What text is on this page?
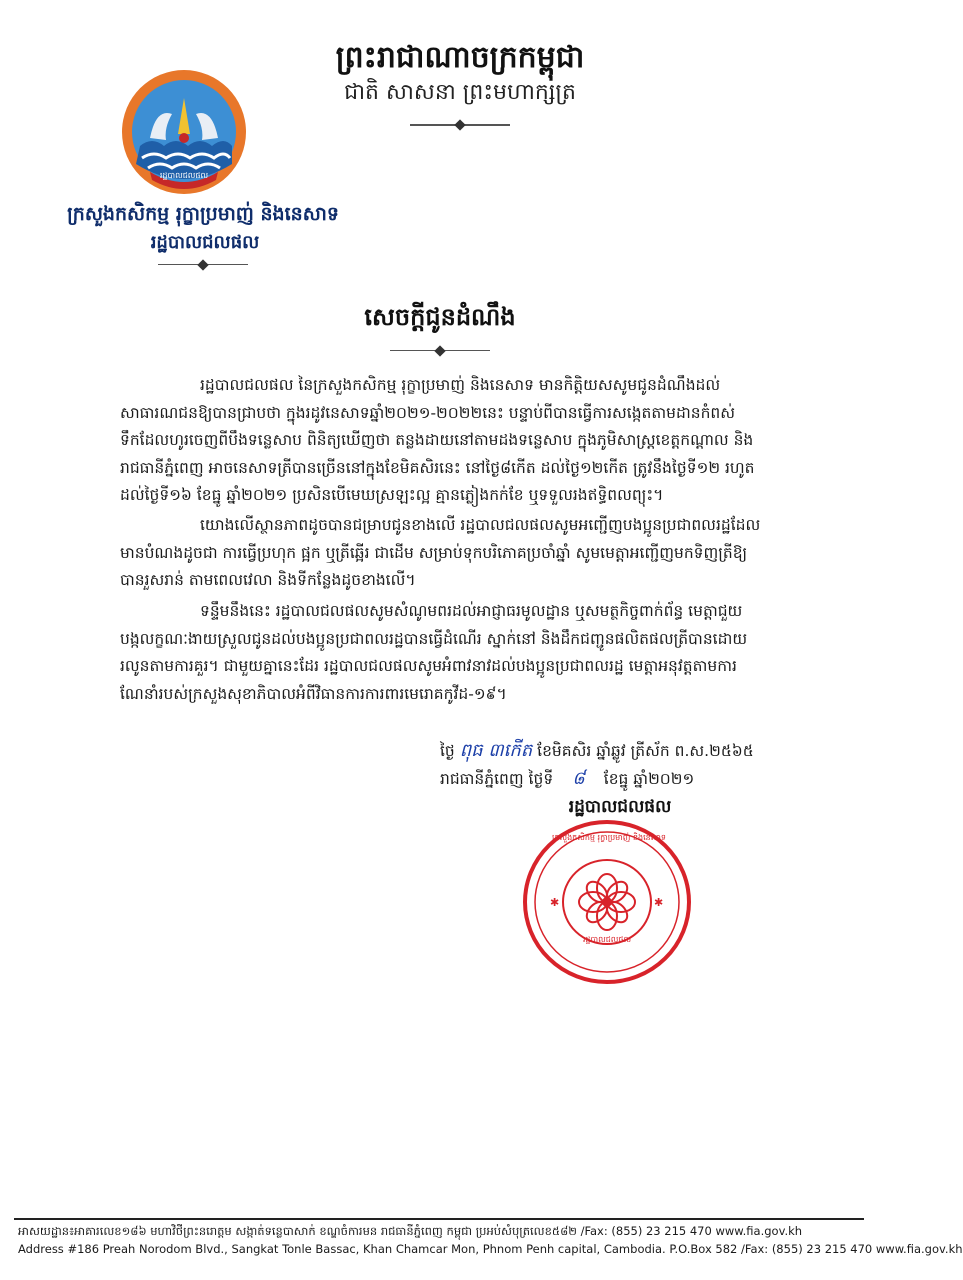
រដ្ឋបាលជលផល
ព្រះរាជាណាចក្រកម្ពុជា
ជាតិ សាសនា ព្រះមហាក្សត្រ
ក្រសួងកសិកម្ម រុក្ខាប្រមាញ់ និងនេសាទ
រដ្ឋបាលជលផល
សេចក្ដីជូនដំណឹង
រដ្ឋបាលជលផល នៃក្រសួងកសិកម្ម រុក្ខាប្រមាញ់ និងនេសាទ មានកិត្តិយសសូមជូនដំណឹងដល់
សាធារណជនឱ្យបានជ្រាបថា ក្នុងរដូវនេសាទឆ្នាំ២០២១-២០២២នេះ បន្ទាប់ពីបានធ្វើការសង្កេតតាមដានកំពស់
ទឹកដែលហូរចេញពីបឹងទន្លេសាប ពិនិត្យឃើញថា តន្លងដាយនៅតាមដងទន្លេសាប ក្នុងភូមិសាស្ត្រខេត្តកណ្ដាល និង
រាជធានីភ្នំពេញ អាចនេសាទត្រីបានច្រើននៅក្នុងខែមិគសិរនេះ នៅថ្ងៃ៨កើត ដល់ថ្ងៃ១២កើត ត្រូវនឹងថ្ងៃទី១២ រហូត
ដល់ថ្ងៃទី១៦ ខែធ្នូ ឆ្នាំ២០២១ ប្រសិនបើមេឃស្រឡះល្អ គ្មានភ្លៀងកក់ខែ ឬទទួលរងឥទ្ធិពលព្យុះ។
យោងលើស្ថានភាពដូចបានជម្រាបជូនខាងលើ រដ្ឋបាលជលផលសូមអញ្ជើញបងប្អូនប្រជាពលរដ្ឋដែល
មានបំណងដូចជា ការធ្វើប្រហុក ផ្អក ឬត្រីឆ្អើរ ជាដើម សម្រាប់ទុកបរិភោគប្រចាំឆ្នាំ សូមមេត្តាអញ្ជើញមកទិញត្រីឱ្យ
បានរួសរាន់ តាមពេលវេលា និងទីកន្លែងដូចខាងលើ។
ទន្ទឹមនឹងនេះ រដ្ឋបាលជលផលសូមសំណូមពរដល់អាជ្ញាធរមូលដ្ឋាន ឬសមត្ថកិច្ចពាក់ព័ន្ធ មេត្តាជួយ
បង្កលក្ខណៈងាយស្រួលជូនដល់បងប្អូនប្រជាពលរដ្ឋបានធ្វើដំណើរ ស្នាក់នៅ និងដឹកជញ្ជូនផលិតផលត្រីបានដោយ
រលូនតាមការគួរ។ ជាមួយគ្នានេះដែរ រដ្ឋបាលជលផលសូមអំពាវនាវដល់បងប្អូនប្រជាពលរដ្ឋ មេត្តាអនុវត្តតាមការ
ណែនាំរបស់ក្រសួងសុខាភិបាលអំពីវិធានការការពារមេរោគកូវីដ-១៩។
ថ្ងៃ ពុធ ៣កើត ខែមិគសិរ ឆ្នាំឆ្លូវ ត្រីស័ក ព.ស.២៥៦៥
រាជធានីភ្នំពេញ ថ្ងៃទី ៨ ខែធ្នូ ឆ្នាំ២០២១
រដ្ឋបាលជលផល
✱	✱
ក្រសួងកសិកម្ម រុក្ខាប្រមាញ់ និងនេសាទ
រដ្ឋបាលជលផល
អាសយដ្ឋាន៖អាគារលេខ១៨៦ មហាវិថីព្រះនរោត្តម សង្កាត់ទន្លេបាសាក់ ខណ្ឌចំការមន រាជធានីភ្នំពេញ កម្ពុជា ប្រអប់សំបុត្រលេខ៥៨២ /Fax: (855) 23 215 470 www.fia.gov.kh
Address #186 Preah Norodom Blvd., Sangkat Tonle Bassac, Khan Chamcar Mon, Phnom Penh capital, Cambodia. P.O.Box 582 /Fax: (855) 23 215 470 www.fia.gov.kh
